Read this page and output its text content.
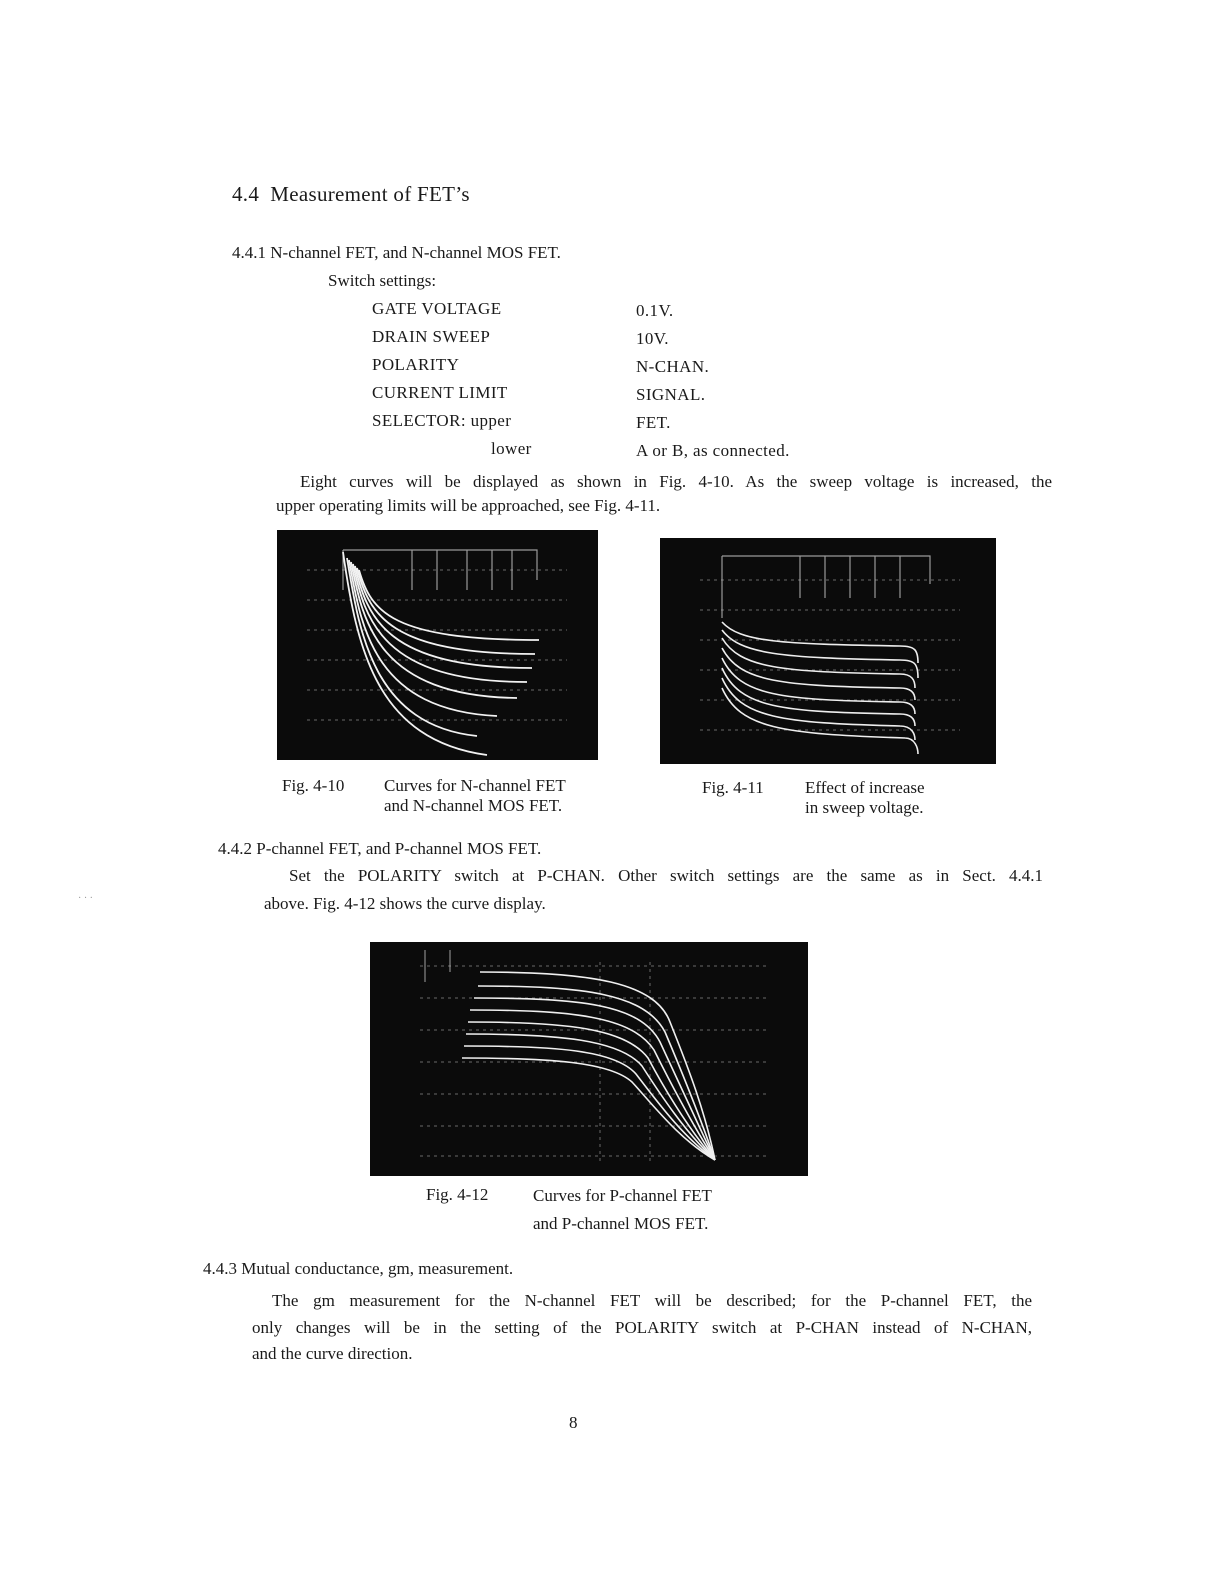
4.4 Measurement of FET’s
4.4.1 N-channel FET, and N-channel MOS FET.
Switch settings:
GATE VOLTAGE	0.1V.
DRAIN SWEEP	10V.
POLARITY	N-CHAN.
CURRENT LIMIT	SIGNAL.
SELECTOR: upper	FET.
lower	A or B, as connected.
Eight curves will be displayed as shown in Fig. 4-10. As the sweep voltage is increased, the
upper operating limits will be approached, see Fig. 4-11.
Fig. 4-10 Curves for N-channel FET
and N-channel MOS FET.
Fig. 4-11 Effect of increase
in sweep voltage.
4.4.2 P-channel FET, and P-channel MOS FET.
Set the POLARITY switch at P-CHAN. Other switch settings are the same as in Sect. 4.4.1
above. Fig. 4-12 shows the curve display.
· · ·
Fig. 4-12	Curves for P-channel FET
and P-channel MOS FET.
4.4.3 Mutual conductance, gm, measurement.
The gm measurement for the N-channel FET will be described; for the P-channel FET, the
only changes will be in the setting of the POLARITY switch at P-CHAN instead of N-CHAN,
and the curve direction.
8
